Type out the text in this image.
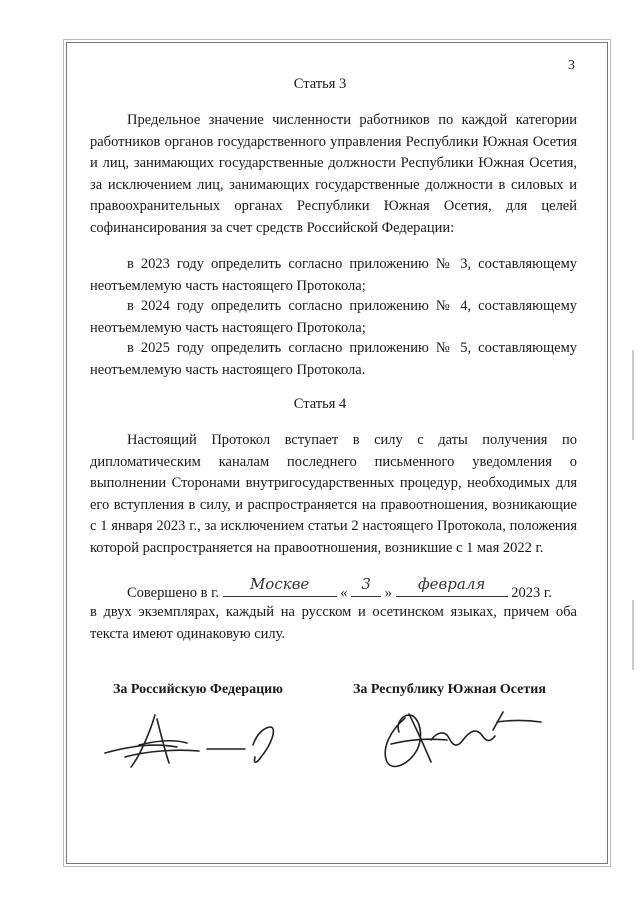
3
Статья 3

Предельное значение численности работников по каждой категории работников органов государственного управления Республики Южная Осетия и лиц, занимающих государственные должности Республики Южная Осетия, за исключением лиц, занимающих государственные должности в силовых и правоохранительных органах Республики Южная Осетия, для целей софинансирования за счет средств Российской Федерации:

в 2023 году определить согласно приложению № 3, составляющему неотъемлемую часть настоящего Протокола;

в 2024 году определить согласно приложению № 4, составляющему неотъемлемую часть настоящего Протокола;

в 2025 году определить согласно приложению № 5, составляющему неотъемлемую часть настоящего Протокола.

Статья 4

Настоящий Протокол вступает в силу с даты получения по дипломатическим каналам последнего письменного уведомления о выполнении Сторонами внутригосударственных процедур, необходимых для его вступления в силу, и распространяется на правоотношения, возникающие с 1 января 2023 г., за исключением статьи 2 настоящего Протокола, положения которой распространяется на правоотношения, возникшие с 1 мая 2022 г.

Совершено в г.
Москве
«
3
»
февраля
2023 г.

в двух экземплярах, каждый на русском и осетинском языках, причем оба текста имеют одинаковую силу.

За Российскую Федерацию	За Республику Южная Осетия
